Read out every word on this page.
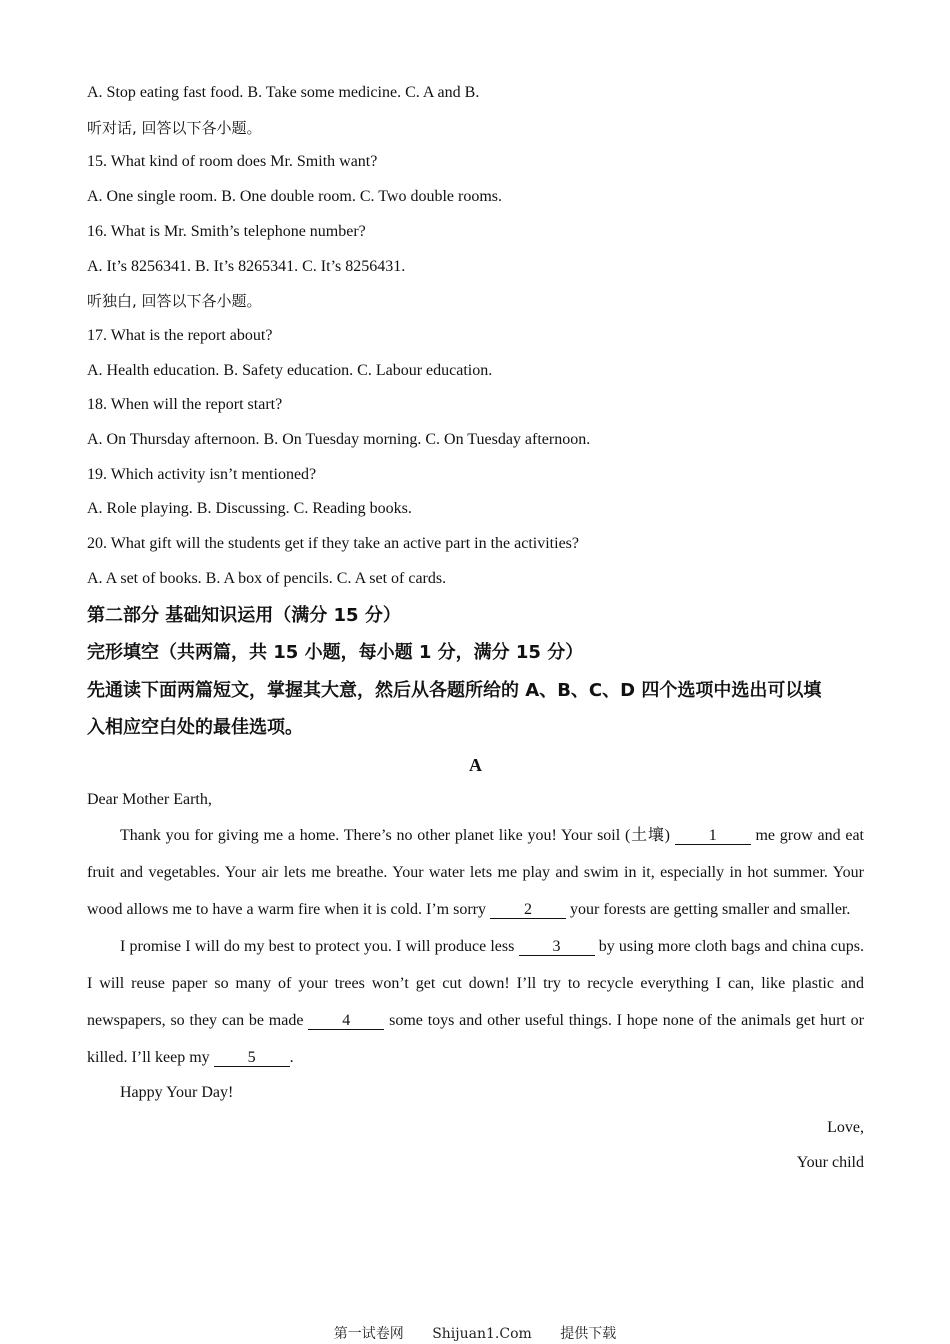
A. Stop eating fast food. B. Take some medicine. C. A and B.
听对话, 回答以下各小题。
15. What kind of room does Mr. Smith want?
A. One single room. B. One double room. C. Two double rooms.
16. What is Mr. Smith’s telephone number?
A. It’s 8256341. B. It’s 8265341. C. It’s 8256431.
听独白, 回答以下各小题。
17. What is the report about?
A. Health education. B. Safety education. C. Labour education.
18. When will the report start?
A. On Thursday afternoon. B. On Tuesday morning. C. On Tuesday afternoon.
19. Which activity isn’t mentioned?
A. Role playing. B. Discussing. C. Reading books.
20. What gift will the students get if they take an active part in the activities?
A. A set of books. B. A box of pencils. C. A set of cards.
第二部分 基础知识运用（满分 15 分）
完形填空（共两篇，共 15 小题，每小题 1 分，满分 15 分）
先通读下面两篇短文，掌握其大意，然后从各题所给的 A、B、C、D 四个选项中选出可以填
入相应空白处的最佳选项。
A

Dear Mother Earth,

Thank you for giving me a home. There’s no other planet like you! Your soil (土壤) 1 me grow and eat fruit and vegetables. Your air lets me breathe. Your water lets me play and swim in it, especially in hot summer. Your wood allows me to have a warm fire when it is cold. I’m sorry 2 your forests are getting smaller and smaller.

I promise I will do my best to protect you. I will produce less 3 by using more cloth bags and china cups. I will reuse paper so many of your trees won’t get cut down! I’ll try to recycle everything I can, like plastic and newspapers, so they can be made 4 some toys and other useful things. I hope none of the animals get hurt or killed. I’ll keep my 5 .

Happy Your Day!

Love,
Your child
第一试卷网 Shijuan1.Com 提供下载
